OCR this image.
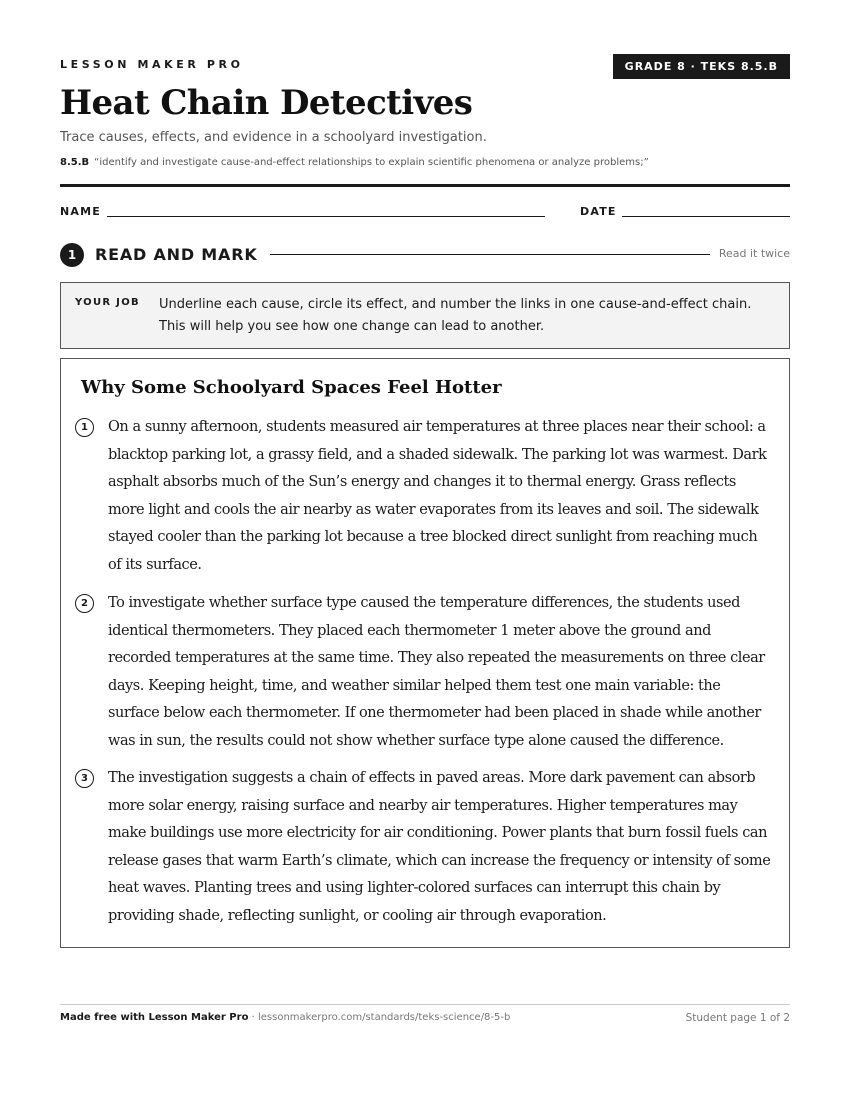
LESSON MAKER PRO	GRADE 8 · TEKS 8.5.B
Heat Chain Detectives
Trace causes, effects, and evidence in a schoolyard investigation.
8.5.B “identify and investigate cause-and-effect relationships to explain scientific phenomena or analyze problems;”
NAME	DATE
1	READ AND MARK	Read it twice
YOUR JOB Underline each cause, circle its effect, and number the links in one cause-and-effect chain.
This will help you see how one change can lead to another.
Why Some Schoolyard Spaces Feel Hotter
1	On a sunny afternoon, students measured air temperatures at three places near their school: a blacktop parking lot, a grassy field, and a shaded sidewalk. The parking lot was warmest. Dark asphalt absorbs much of the Sun’s energy and changes it to thermal energy. Grass reflects more light and cools the air nearby as water evaporates from its leaves and soil. The sidewalk stayed cooler than the parking lot because a tree blocked direct sunlight from reaching much of its surface.

2	To investigate whether surface type caused the temperature differences, the students used identical thermometers. They placed each thermometer 1 meter above the ground and recorded temperatures at the same time. They also repeated the measurements on three clear days. Keeping height, time, and weather similar helped them test one main variable: the surface below each thermometer. If one thermometer had been placed in shade while another was in sun, the results could not show whether surface type alone caused the difference.

3	The investigation suggests a chain of effects in paved areas. More dark pavement can absorb more solar energy, raising surface and nearby air temperatures. Higher temperatures may make buildings use more electricity for air conditioning. Power plants that burn fossil fuels can release gases that warm Earth’s climate, which can increase the frequency or intensity of some heat waves. Planting trees and using lighter-colored surfaces can interrupt this chain by providing shade, reflecting sunlight, or cooling air through evaporation.

Made free with Lesson Maker Pro · lessonmakerpro.com/standards/teks-science/8-5-b	Student page 1 of 2
